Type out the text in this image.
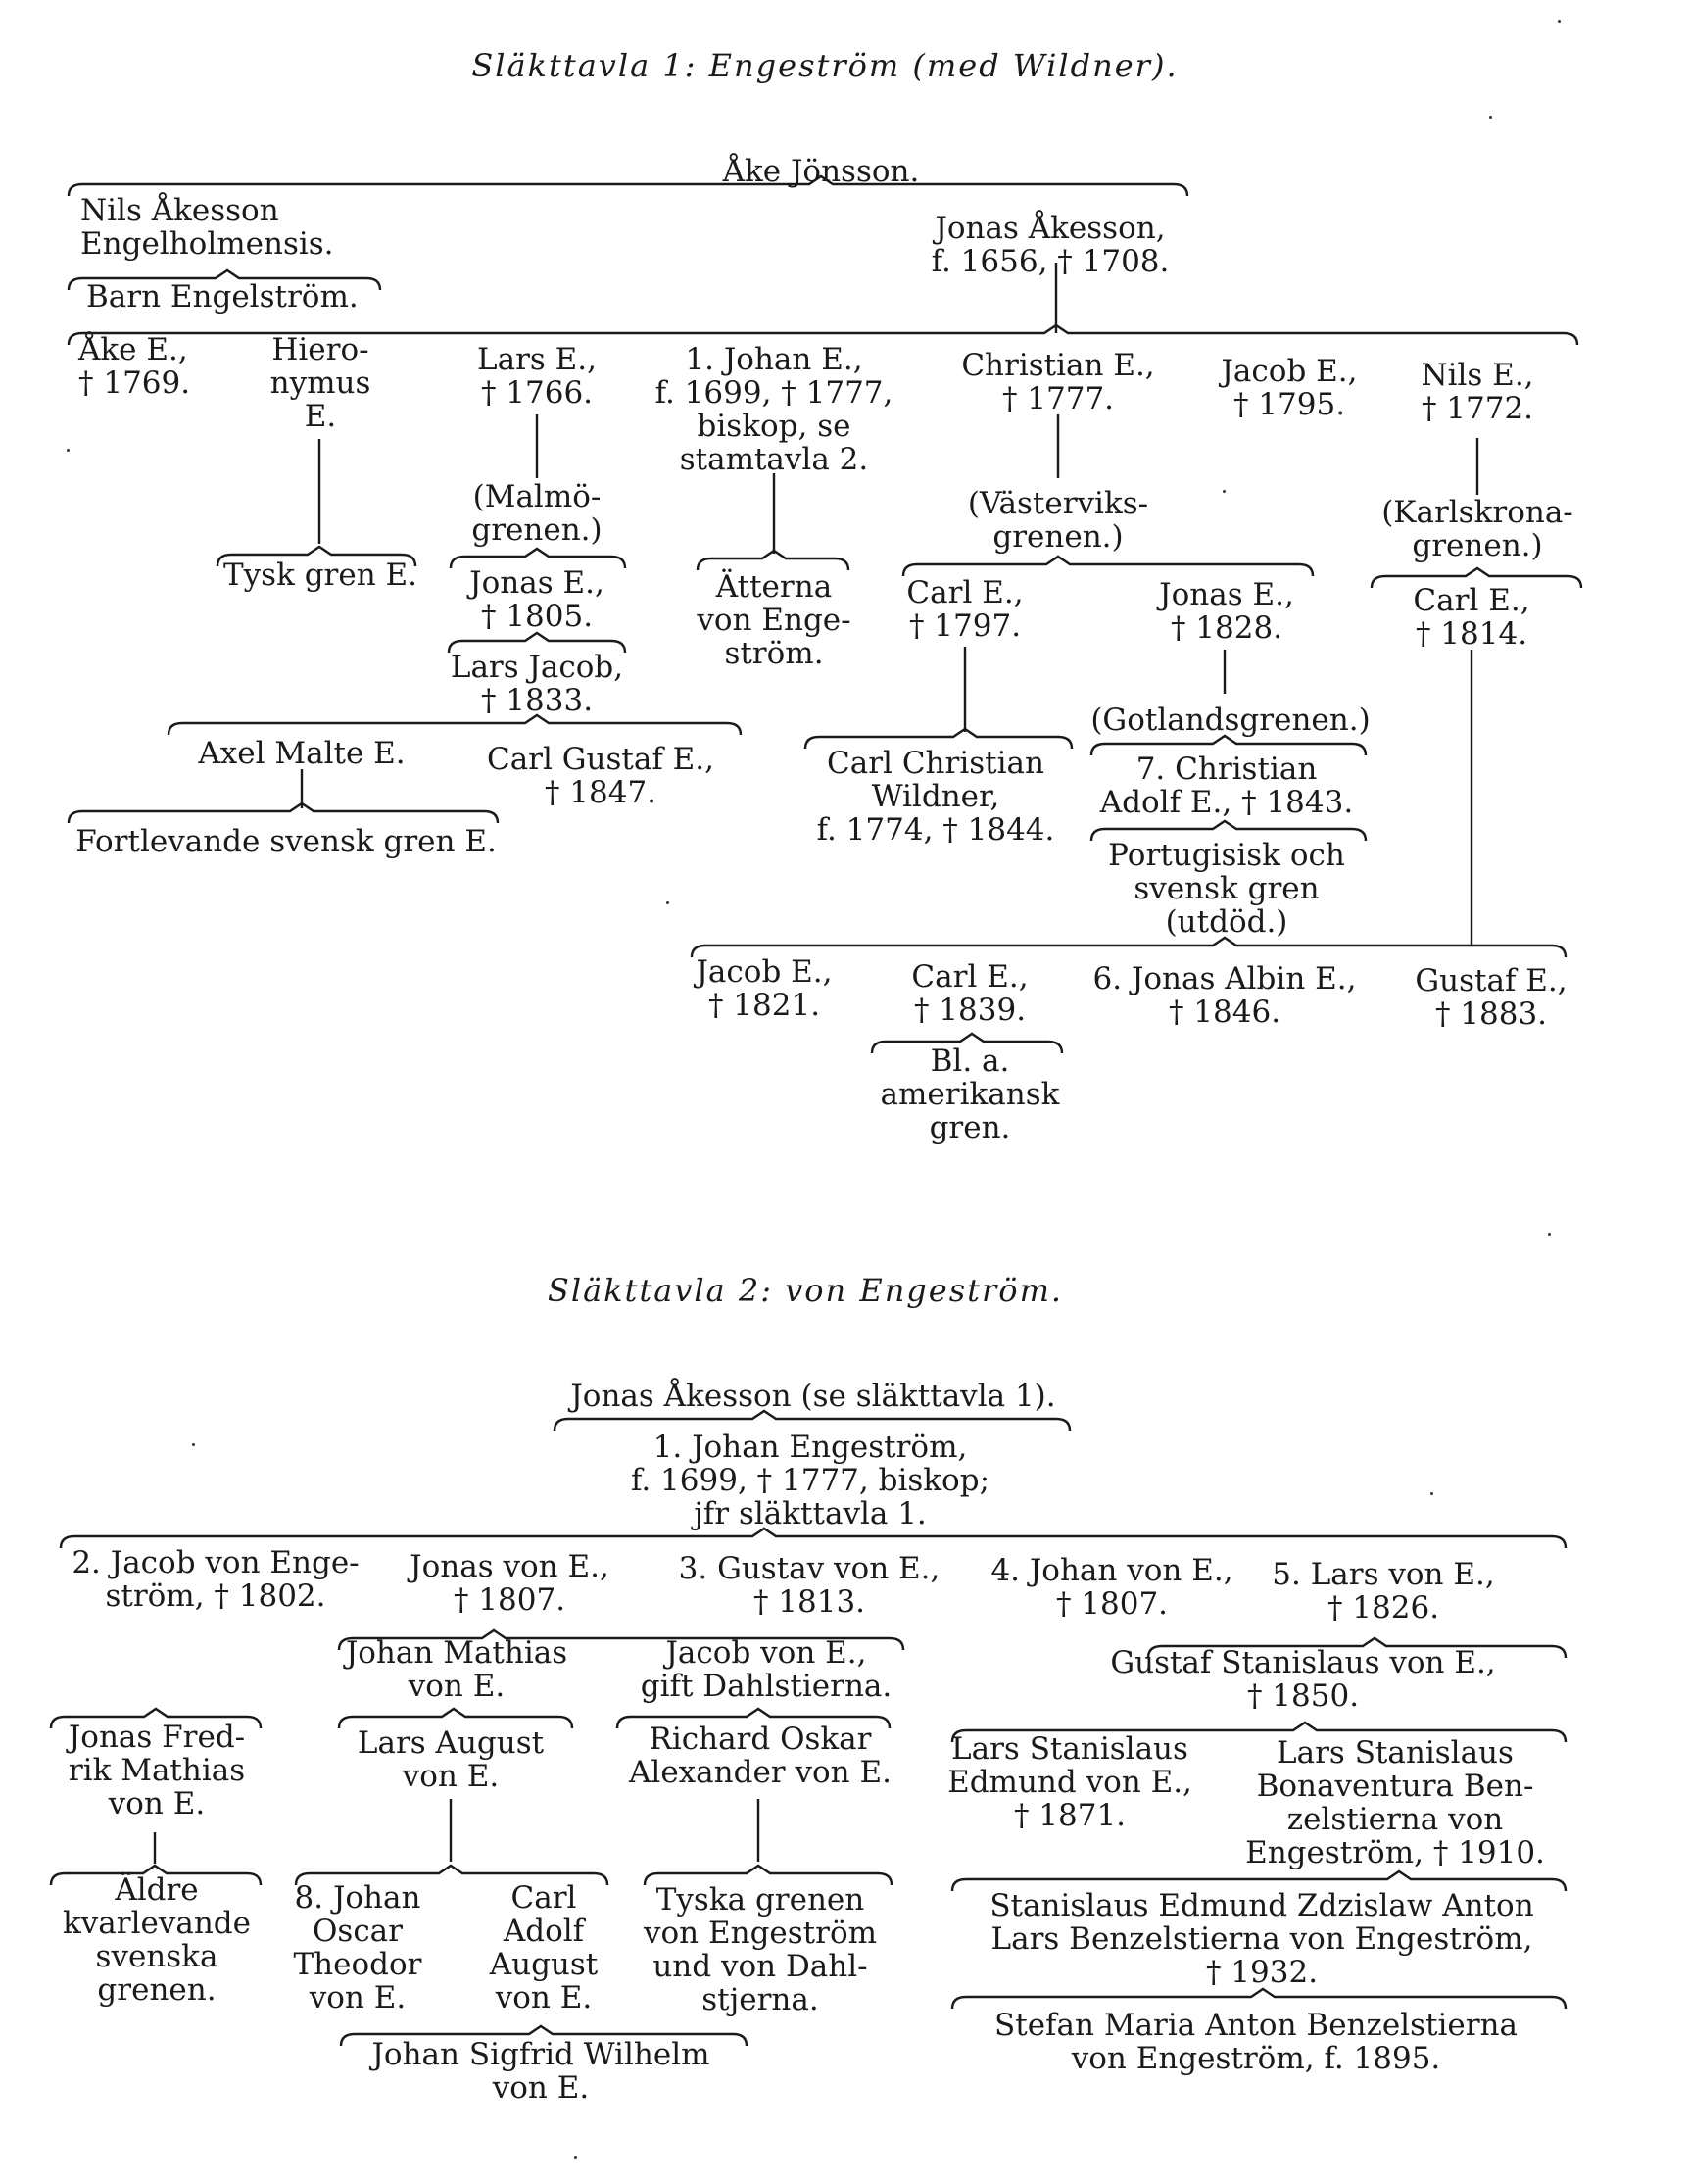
Släkttavla 1: Engeström (med Wildner).
Åke Jönsson.
Nils Åkesson
Engelholmensis.
Barn Engelström.
Jonas Åkesson,
f. 1656, † 1708.
Åke E.,
† 1769.
Hiero-
nymus
E.
Tysk gren E.
Lars E.,
† 1766.
(Malmö-
grenen.)
Jonas E.,
† 1805.
Lars Jacob,
† 1833.
Axel Malte E.	Carl Gustaf E.,
† 1847.
Fortlevande svensk gren E.
1. Johan E.,
f. 1699, † 1777,
biskop, se
stamtavla 2.
Ätterna
von Enge-
ström.
Christian E.,
† 1777.
(Västerviks-
grenen.)
Carl E.,
† 1797.
Carl Christian
Wildner,
f. 1774, † 1844.
Jonas E.,
† 1828.
(Gotlandsgrenen.)
7. Christian
Adolf E., † 1843.
Portugisisk och
svensk gren
(utdöd.)
Jacob E.,
† 1795.
Nils E.,
† 1772.
(Karlskrona-
grenen.)
Carl E.,
† 1814.
Jacob E.,
† 1821.
Carl E.,
† 1839.
Bl. a.
amerikansk
gren.
6. Jonas Albin E.,
† 1846.
Gustaf E.,
† 1883.
Släkttavla 2: von Engeström.
Jonas Åkesson (se släkttavla 1).
1. Johan Engeström,
f. 1699, † 1777, biskop;
jfr släkttavla 1.
2. Jacob von Enge-
ström, † 1802.
Jonas Fred-
rik Mathias
von E.
Äldre
kvarlevande
svenska
grenen.
Jonas von E.,
† 1807.
Johan Mathias
von E.
Lars August
von E.
8. Johan
Oscar
Theodor
von E.
Carl
Adolf
August
von E.
Johan Sigfrid Wilhelm
von E.
3. Gustav von E.,
† 1813.
Jacob von E.,
gift Dahlstierna.
Richard Oskar
Alexander von E.
Tyska grenen
von Engeström
und von Dahl-
stjerna.
4. Johan von E.,
† 1807.
5. Lars von E.,
† 1826.
Gustaf Stanislaus von E.,
† 1850.
Lars Stanislaus
Edmund von E.,
† 1871.
Lars Stanislaus
Bonaventura Ben-
zelstierna von
Engeström, † 1910.
Stanislaus Edmund Zdzislaw Anton
Lars Benzelstierna von Engeström,
† 1932.
Stefan Maria Anton Benzelstierna
von Engeström, f. 1895.
